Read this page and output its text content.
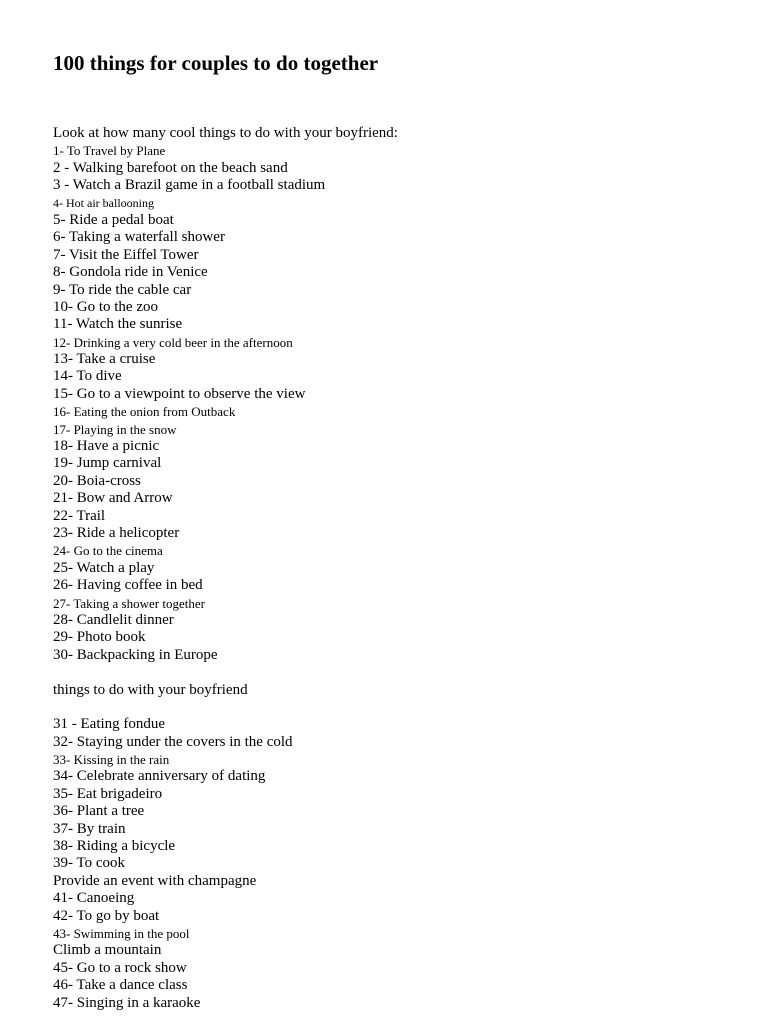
100 things for couples to do together
Look at how many cool things to do with your boyfriend:
1- To Travel by Plane
2 - Walking barefoot on the beach sand
3 - Watch a Brazil game in a football stadium
4- Hot air ballooning
5- Ride a pedal boat
6- Taking a waterfall shower
7- Visit the Eiffel Tower
8- Gondola ride in Venice
9- To ride the cable car
10- Go to the zoo
11- Watch the sunrise
12- Drinking a very cold beer in the afternoon
13- Take a cruise
14- To dive
15- Go to a viewpoint to observe the view
16- Eating the onion from Outback
17- Playing in the snow
18- Have a picnic
19- Jump carnival
20- Boia-cross
21- Bow and Arrow
22- Trail
23- Ride a helicopter
24- Go to the cinema
25- Watch a play
26- Having coffee in bed
27- Taking a shower together
28- Candlelit dinner
29- Photo book
30- Backpacking in Europe
things to do with your boyfriend
31 - Eating fondue
32- Staying under the covers in the cold
33- Kissing in the rain
34- Celebrate anniversary of dating
35- Eat brigadeiro
36- Plant a tree
37- By train
38- Riding a bicycle
39- To cook
Provide an event with champagne
41- Canoeing
42- To go by boat
43- Swimming in the pool
Climb a mountain
45- Go to a rock show
46- Take a dance class
47- Singing in a karaoke
